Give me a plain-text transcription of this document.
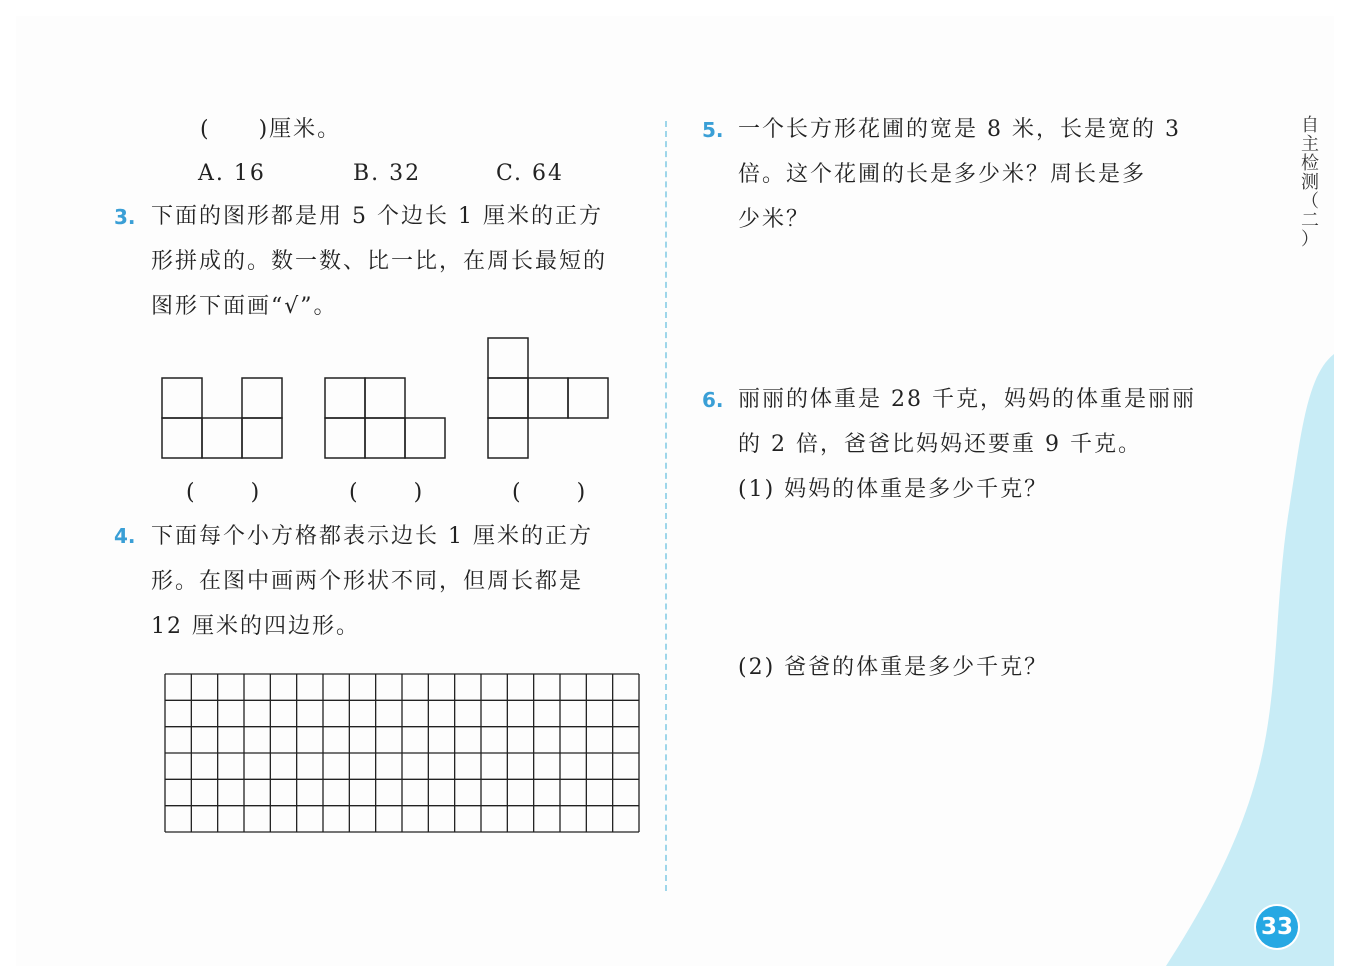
(　　)厘米。
A. 16	B. 32	C. 64
3. 下面的图形都是用 5 个边长 1 厘米的正方
形拼成的。数一数、比一比，在周长最短的
图形下面画“√”。
(　　)	(　　)	(　　)
4. 下面每个小方格都表示边长 1 厘米的正方
形。在图中画两个形状不同，但周长都是
12 厘米的四边形。
5. 一个长方形花圃的宽是 8 米，长是宽的 3
倍。这个花圃的长是多少米？周长是多
少米？
6. 丽丽的体重是 28 千克，妈妈的体重是丽丽
的 2 倍，爸爸比妈妈还要重 9 千克。
(1) 妈妈的体重是多少千克？
(2) 爸爸的体重是多少千克？
自
主
检
测
（
二
）
33
